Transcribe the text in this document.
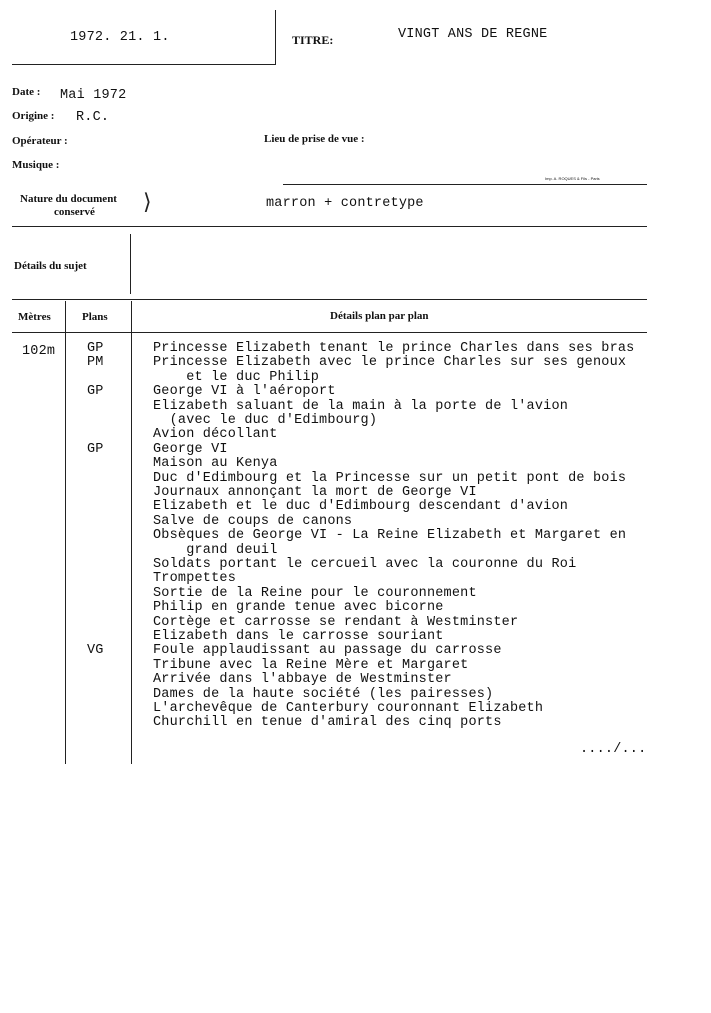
1972. 21. 1.	TITRE:	VINGT ANS DE REGNE
Date : Mai 1972
Origine : R.C.
Opérateur :	Lieu de prise de vue :
Musique :
Imp. A. ROQUES & Fils - Paris
Nature du document
conservé ⟩	marron + contretype
Détails du sujet
Mètres	Plans	Détails plan par plan
102m GP	Princesse Elizabeth tenant le prince Charles dans ses bras
PM	Princesse Elizabeth avec le prince Charles sur ses genoux
et le duc Philip
GP	George VI à l'aéroport
Elizabeth saluant de la main à la porte de l'avion
(avec le duc d'Edimbourg)
Avion décollant
GP	George VI
Maison au Kenya
Duc d'Edimbourg et la Princesse sur un petit pont de bois
Journaux annonçant la mort de George VI
Elizabeth et le duc d'Edimbourg descendant d'avion
Salve de coups de canons
Obsèques de George VI - La Reine Elizabeth et Margaret en
grand deuil
Soldats portant le cercueil avec la couronne du Roi
Trompettes
Sortie de la Reine pour le couronnement
Philip en grande tenue avec bicorne
Cortège et carrosse se rendant à Westminster
Elizabeth dans le carrosse souriant
VG	Foule applaudissant au passage du carrosse
Tribune avec la Reine Mère et Margaret
Arrivée dans l'abbaye de Westminster
Dames de la haute société (les pairesses)
L'archevêque de Canterbury couronnant Elizabeth
Churchill en tenue d'amiral des cinq ports
..../...
